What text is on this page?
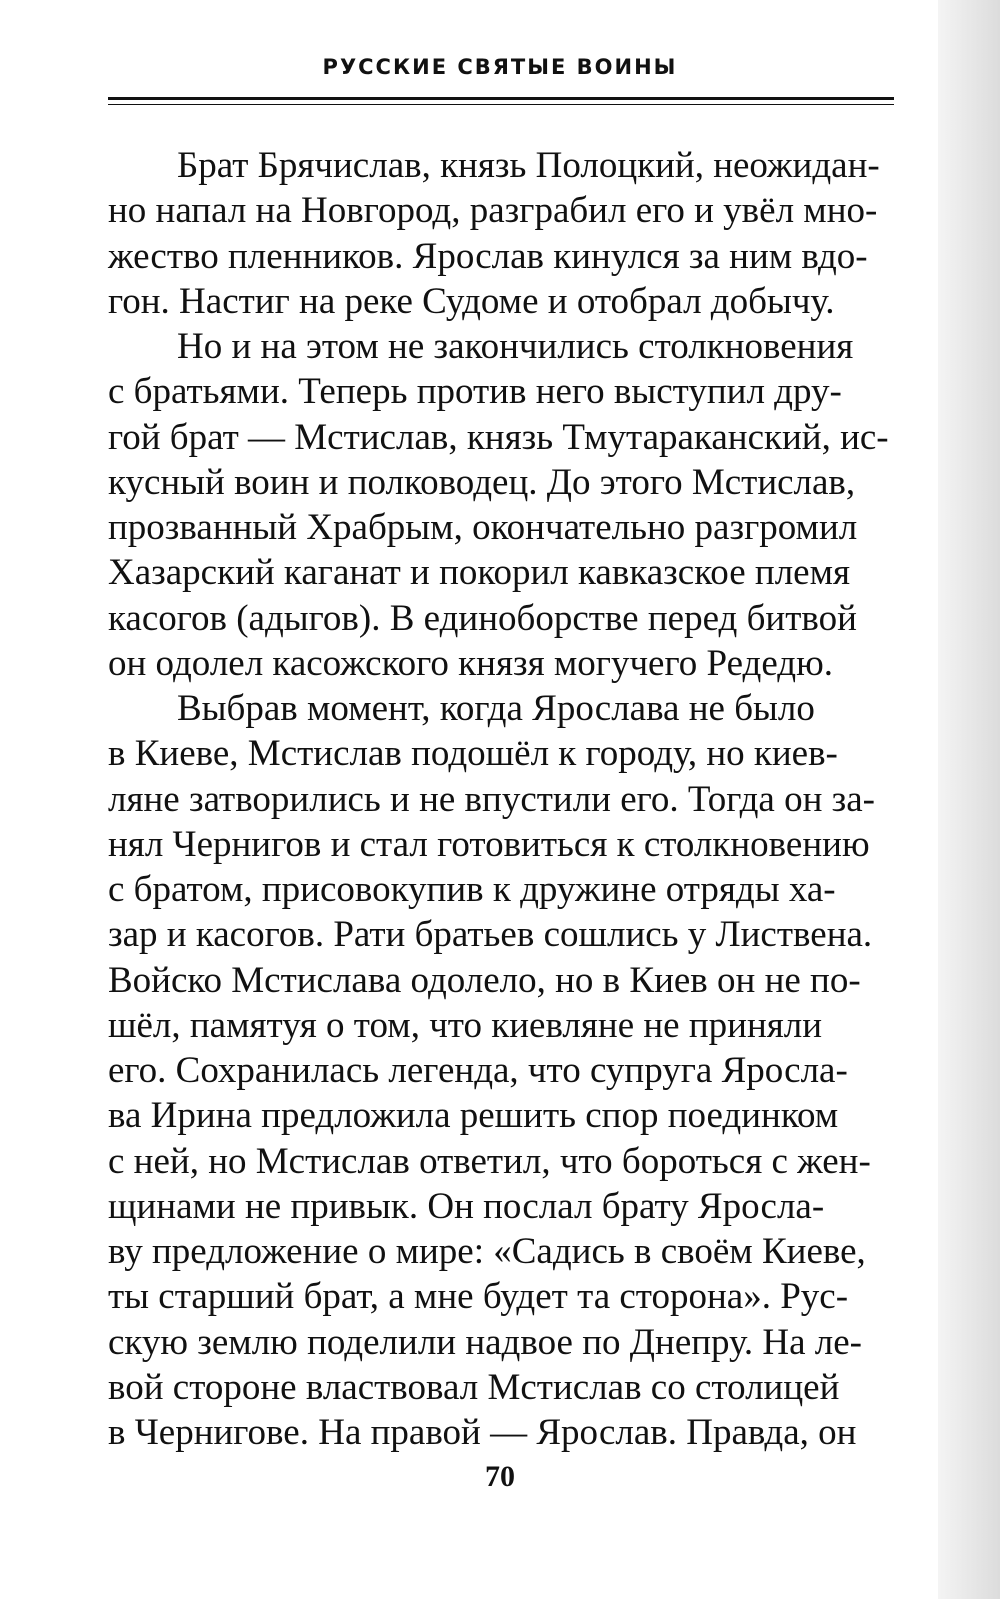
РУССКИЕ СВЯТЫЕ ВОИНЫ
Брат Брячислав, князь Полоцкий, неожидан-
но напал на Новгород, разграбил его и увёл мно-
жество пленников. Ярослав кинулся за ним вдо-
гон. Настиг на реке Судоме и отобрал добычу.
Но и на этом не закончились столкновения
с братьями. Теперь против него выступил дру-
гой брат — Мстислав, князь Тмутараканский, ис-
кусный воин и полководец. До этого Мстислав,
прозванный Храбрым, окончательно разгромил
Хазарский каганат и покорил кавказское племя
касогов (адыгов). В единоборстве перед битвой
он одолел касожского князя могучего Редедю.
Выбрав момент, когда Ярослава не было
в Киеве, Мстислав подошёл к городу, но киев-
ляне затворились и не впустили его. Тогда он за-
нял Чернигов и стал готовиться к столкновению
с братом, присовокупив к дружине отряды ха-
зар и касогов. Рати братьев сошлись у Листвена.
Войско Мстислава одолело, но в Киев он не по-
шёл, памятуя о том, что киевляне не приняли
его. Сохранилась легенда, что супруга Яросла-
ва Ирина предложила решить спор поединком
с ней, но Мстислав ответил, что бороться с жен-
щинами не привык. Он послал брату Яросла-
ву предложение о мире: «Садись в своём Киеве,
ты старший брат, а мне будет та сторона». Рус-
скую землю поделили надвое по Днепру. На ле-
вой стороне властвовал Мстислав со столицей
в Чернигове. На правой — Ярослав. Правда, он
70
